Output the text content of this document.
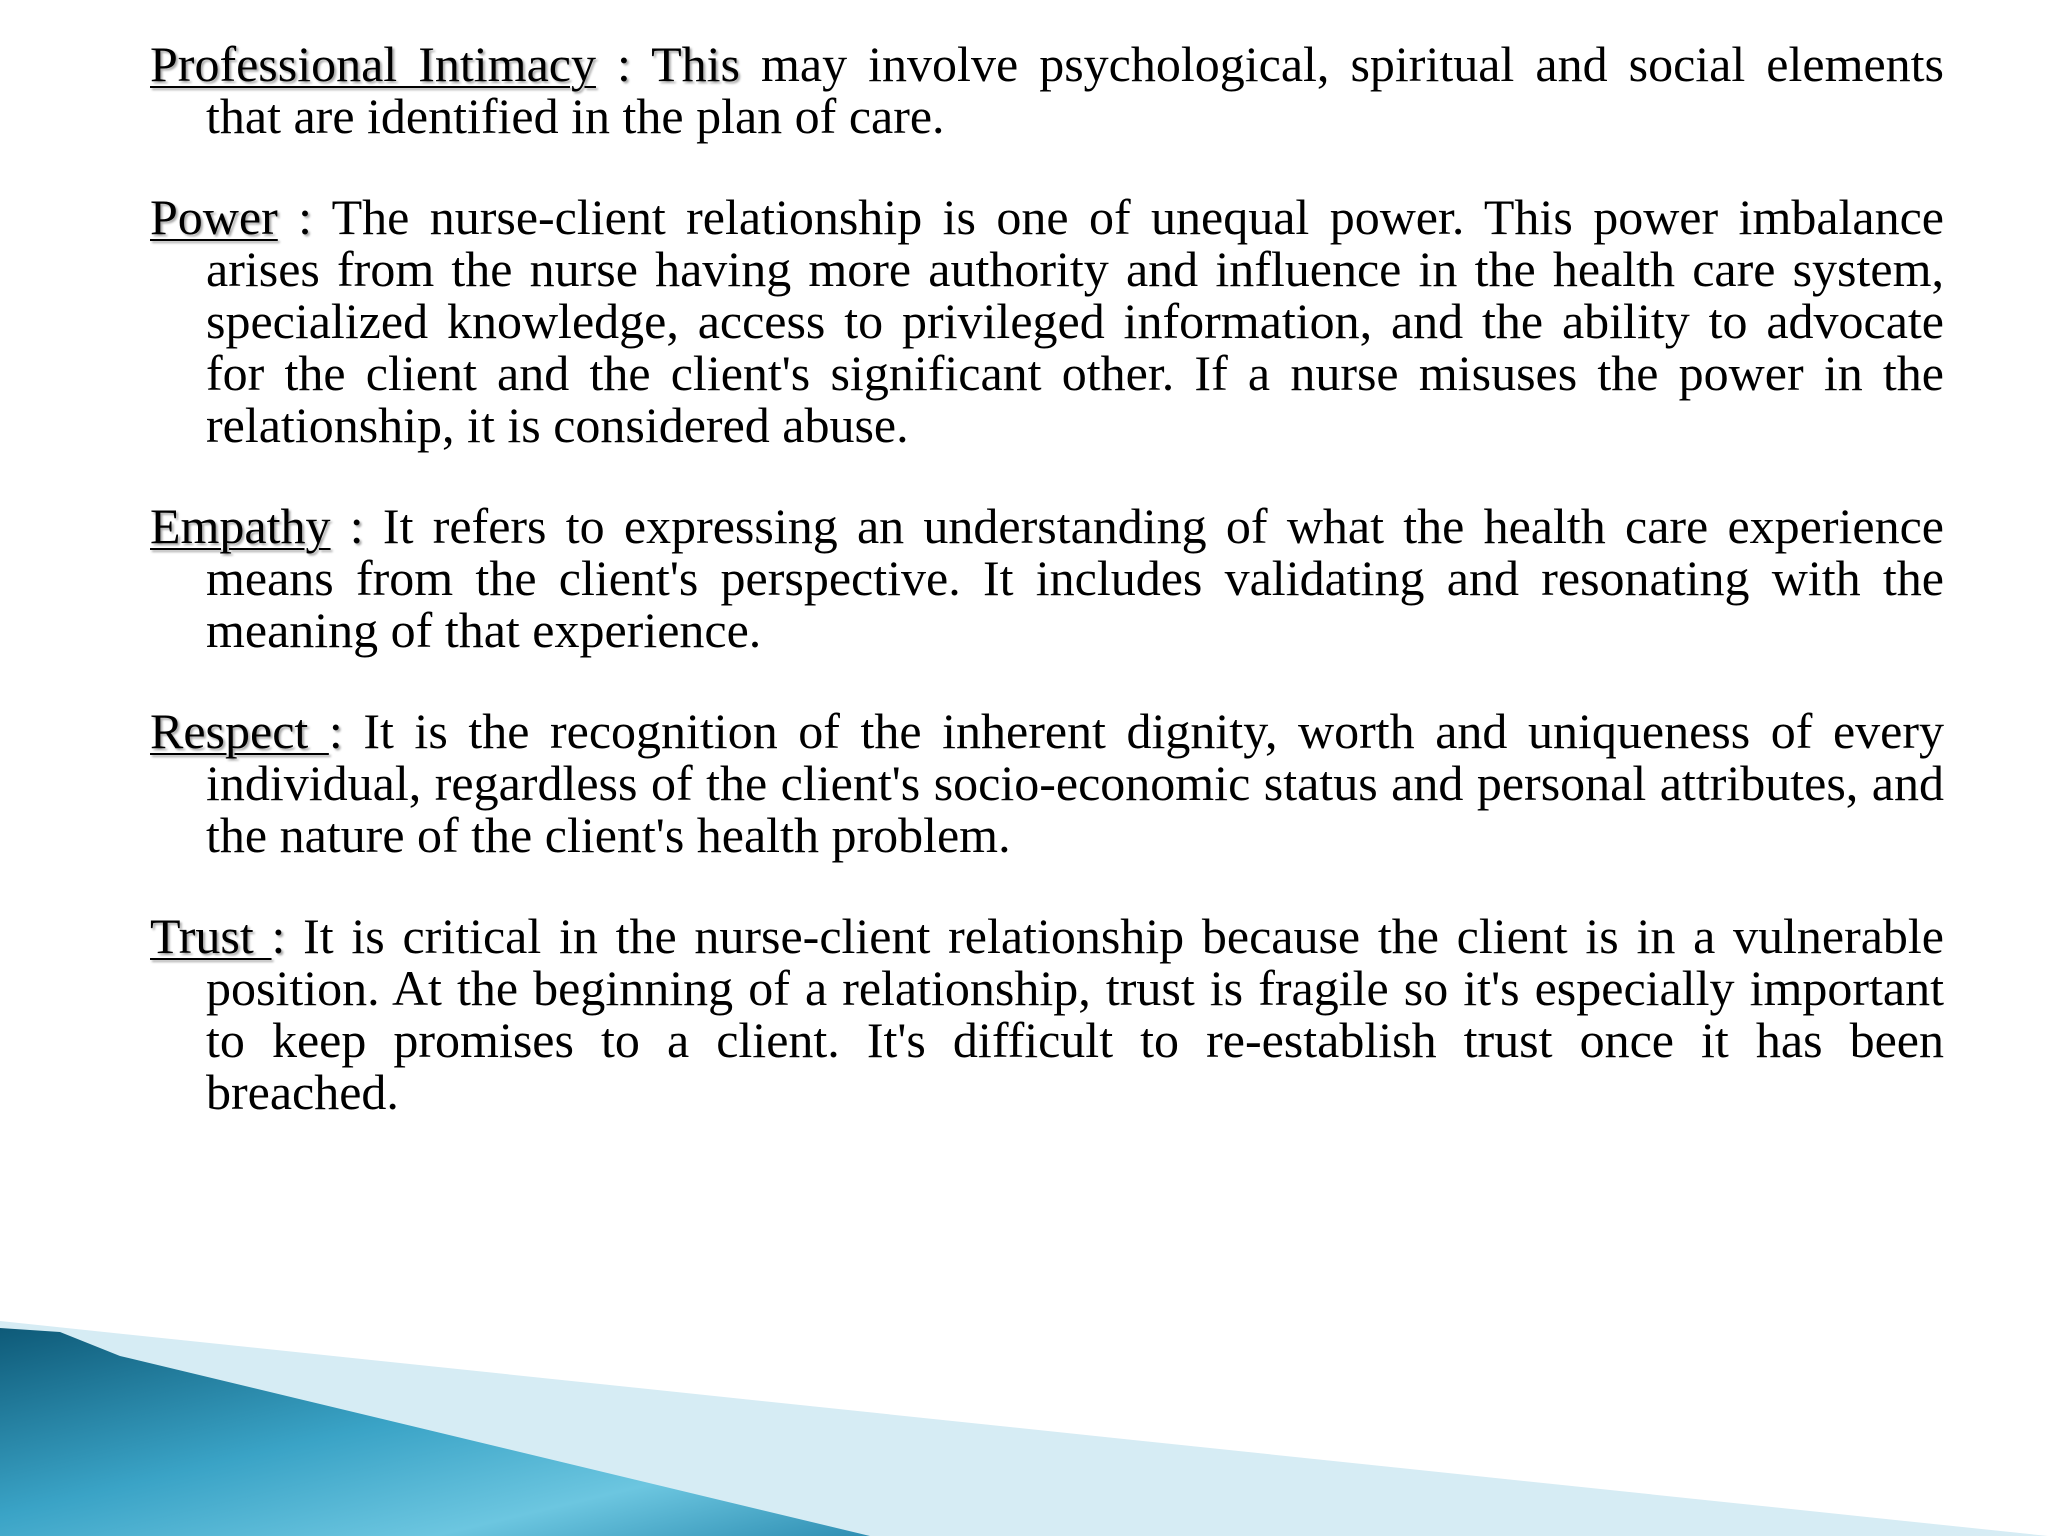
Professional Intimacy : This may involve psychological, spiritual and social elements that are identified in the plan of care.

Power : The nurse-client relationship is one of unequal power. This power imbalance arises from the nurse having more authority and influence in the health care system, specialized knowledge, access to privileged information, and the ability to advocate for the client and the client's significant other. If a nurse misuses the power in the relationship, it is considered abuse.

Empathy : It refers to expressing an understanding of what the health care experience means from the client's perspective. It includes validating and resonating with the meaning of that experience.

Respect : It is the recognition of the inherent dignity, worth and uniqueness of every individual, regardless of the client's socio-economic status and personal attributes, and the nature of the client's health problem.

Trust : It is critical in the nurse-client relationship because the client is in a vulnerable position. At the beginning of a relationship, trust is fragile so it's especially important to keep promises to a client. It's difficult to re-establish trust once it has been breached.
